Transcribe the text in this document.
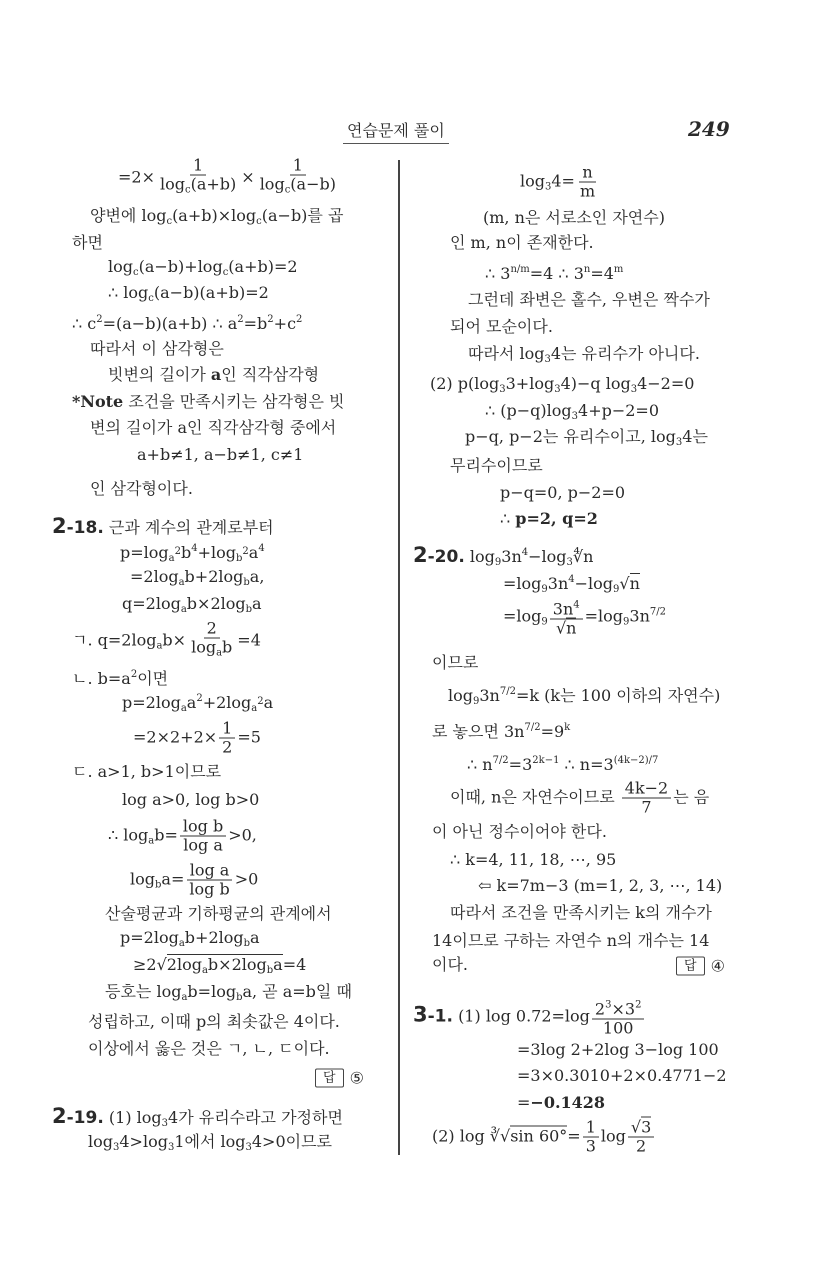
연습문제 풀이	249
$=2\times \frac{1}{\log_c(a+b)} \times \frac{1}{\log_c(a-b)}$
양변에 $\log_c(a+b)\times\log_c(a-b)$를 곱
하면
$\log_c(a-b)+\log_c(a+b)=2$
∴ $\log_c(a-b)(a+b)=2$
∴ $c^2=(a-b)(a+b)$ ∴ $a^2=b^2+c^2$
따라서 이 삼각형은
빗변의 길이가 a인 직각삼각형
*Note 조건을 만족시키는 삼각형은 빗
변의 길이가 a인 직각삼각형 중에서
a+b≠1, a−b≠1, c≠1
인 삼각형이다.
2-18. 근과 계수의 관계로부터
$p=\log_{a^2}b^4+\log_{b^2}a^4$
$=2\log_ab+2\log_ba$,
$q=2\log_ab\times 2\log_ba$
ㄱ. $q=2\log_ab\times \frac{2}{\log_ab} =4$
ㄴ. $b=a^2$이면
$p=2\log_aa^2+2\log_{a^2}a$
$=2\times 2+2\times \frac{1}{2} =5$
ㄷ. a>1, b>1이므로
log a>0, log b>0
∴ $\log_ab= \frac{\text{log b}}{\text{log a}} >0$,
$\log_ba= \frac{\text{log a}}{\text{log b}} >0$
산술평균과 기하평균의 관계에서
$p=2\log_ab+2\log_ba$
$\ge 2√2\log_ab\times 2\log_ba=4$
등호는 $\log_ab=\log_ba$, 곧 a=b일 때
성립하고, 이때 p의 최솟값은 4이다.
이상에서 옳은 것은 ㄱ, ㄴ, ㄷ이다.
답 ⑤
2-19. (1) $\log_34$가 유리수라고 가정하면
$\log_34>\log_31$에서 $\log_34>0$이므로
$\log_34= \frac{n}{m}$
(m, n은 서로소인 자연수)
인 m, n이 존재한다.
∴ $3^{n/m}=4$ ∴ $3^n=4^m$
그런데 좌변은 홀수, 우변은 짝수가
되어 모순이다.
따라서 $\log_34$는 유리수가 아니다.
(2) $p(\log_33+\log_34)-q$ $\log_34-2=0$
∴ $(p-q)\log_34+p-2=0$
p−q, p−2는 유리수이고, $\log_34$는
무리수이므로
p−q=0, p−2=0
∴ p=2, q=2
2-20. $\log_93n^4-\log_3∜n$
$=\log_93n^4-\log_9√n$
$=\log_9 \frac{3n^4}{√n} =\log_93n^{7/2}$
이므로
$\log_93n^{7/2}=k$ (k는 100 이하의 자연수)
로 놓으면 $3n^{7/2}=9^k$
∴ $n^{7/2}=3^{2k-1}$ ∴ $n=3^{(4k-2)/7}$
이때, n은 자연수이므로 $\frac{4k-2}{7}$ 는 음
이 아닌 정수이어야 한다.
∴ k=4, 11, 18, ⋯, 95
⇦ k=7m−3 (m=1, 2, 3, ⋯, 14)
따라서 조건을 만족시키는 k의 개수가
14이므로 구하는 자연수 n의 개수는 14
이다.	답 ④
3-1. (1) $\log 0.72=\log \frac{2^3\times 3^2}{100}$
=3log 2+2log 3−log 100
=3×0.3010+2×0.4771−2
=−0.1428
(2) log ∛√sin $60^\circ= \frac{1}{3}$ $\log \frac{√3}{2}$
